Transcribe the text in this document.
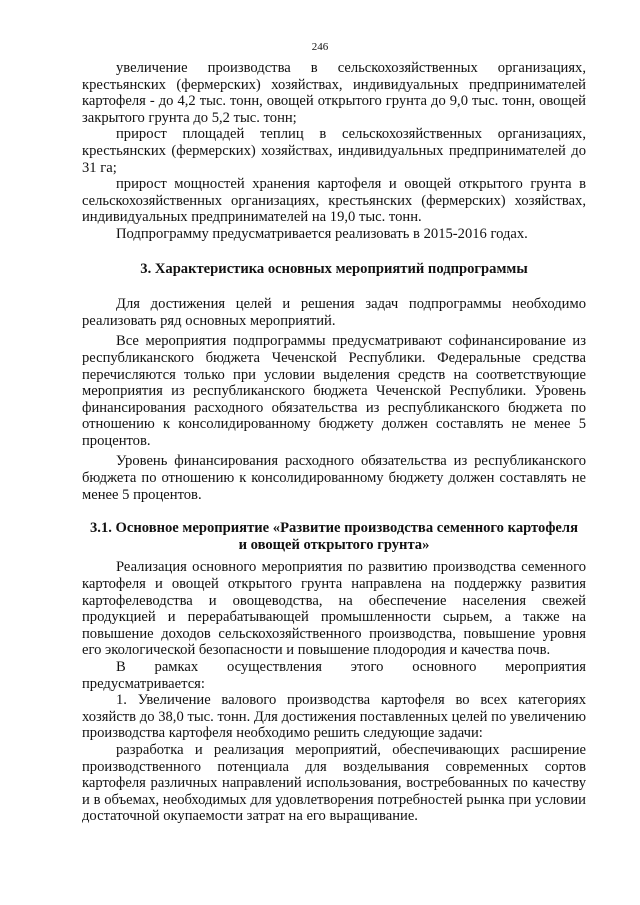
246

увеличение производства в сельскохозяйственных организациях, крестьянских (фермерских) хозяйствах, индивидуальных предпринимателей картофеля - до 4,2 тыс. тонн, овощей открытого грунта до 9,0 тыс. тонн, овощей закрытого грунта до 5,2 тыс. тонн;

прирост площадей теплиц в сельскохозяйственных организациях, крестьянских (фермерских) хозяйствах, индивидуальных предпринимателей до 31 га;

прирост мощностей хранения картофеля и овощей открытого грунта в сельскохозяйственных организациях, крестьянских (фермерских) хозяйствах, индивидуальных предпринимателей на 19,0 тыс. тонн.

Подпрограмму предусматривается реализовать в 2015-2016 годах.

3. Характеристика основных мероприятий подпрограммы

Для достижения целей и решения задач подпрограммы необходимо реализовать ряд основных мероприятий.

Все мероприятия подпрограммы предусматривают софинансирование из республиканского бюджета Чеченской Республики. Федеральные средства перечисляются только при условии выделения средств на соответствующие мероприятия из республиканского бюджета Чеченской Республики. Уровень финансирования расходного обязательства из республиканского бюджета по отношению к консолидированному бюджету должен составлять не менее 5 процентов.

Уровень финансирования расходного обязательства из республиканского бюджета по отношению к консолидированному бюджету должен составлять не менее 5 процентов.

3.1. Основное мероприятие «Развитие производства семенного картофеля
и овощей открытого грунта»

Реализация основного мероприятия по развитию производства семенного картофеля и овощей открытого грунта направлена на поддержку развития картофелеводства и овощеводства, на обеспечение населения свежей продукцией и перерабатывающей промышленности сырьем, а также на повышение доходов сельскохозяйственного производства, повышение уровня его экологической безопасности и повышение плодородия и качества почв.

В рамках осуществления этого основного мероприятия предусматривается:

1. Увеличение валового производства картофеля во всех категориях хозяйств до 38,0 тыс. тонн. Для достижения поставленных целей по увеличению производства картофеля необходимо решить следующие задачи:

разработка и реализация мероприятий, обеспечивающих расширение производственного потенциала для возделывания современных сортов картофеля различных направлений использования, востребованных по качеству и в объемах, необходимых для удовлетворения потребностей рынка при условии достаточной окупаемости затрат на его выращивание.
